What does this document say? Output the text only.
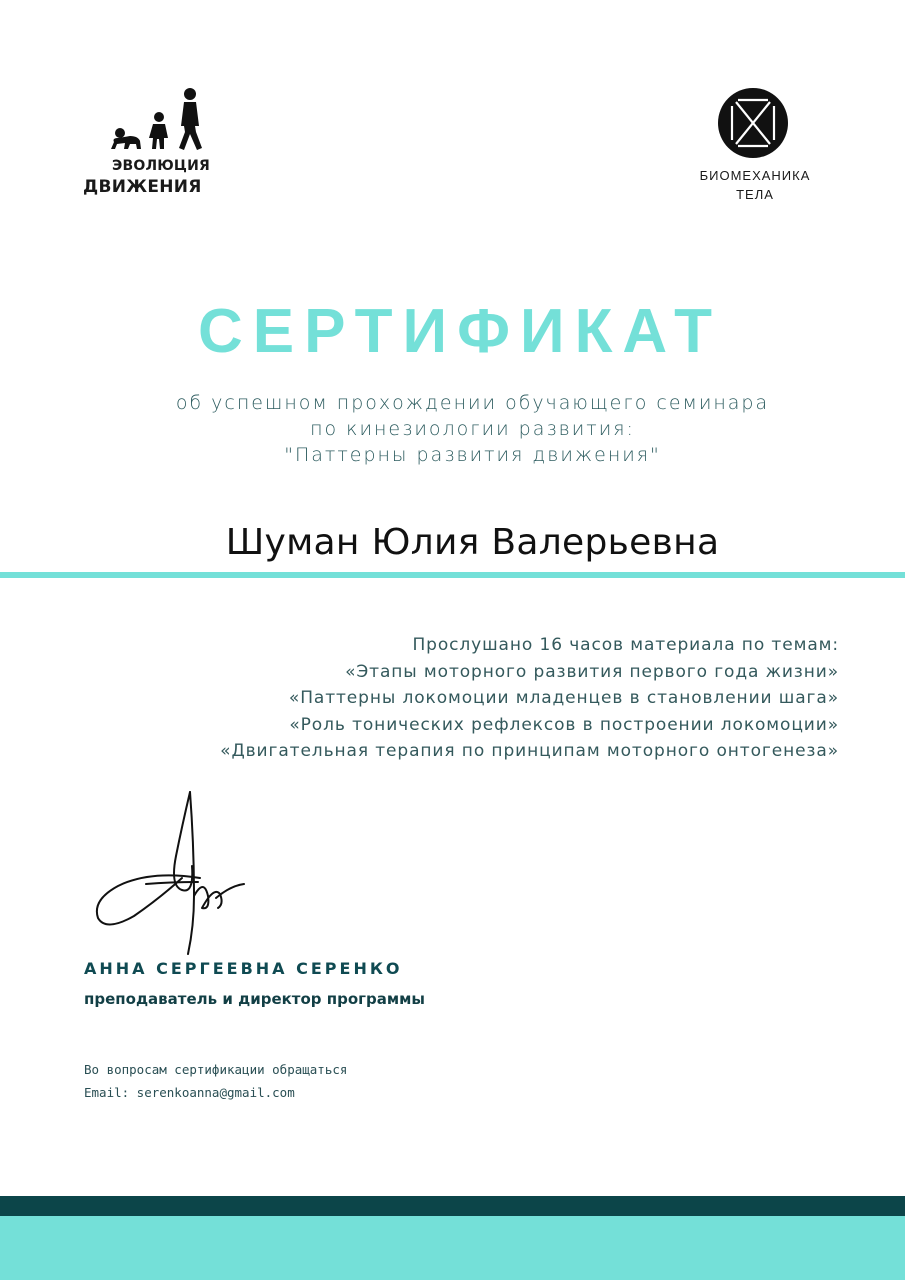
ЭВОЛЮЦИЯ
ДВИЖЕНИЯ
БИОМЕХАНИКА
ТЕЛА
СЕРТИФИКАТ
об успешном прохождении обучающего семинара
по кинезиологии развития:
"Паттерны развития движения"
Шуман Юлия Валерьевна
Прослушано 16 часов материала по темам:
«Этапы моторного развития первого года жизни»
«Паттерны локомоции младенцев в становлении шага»
«Роль тонических рефлексов в построении локомоции»
«Двигательная терапия по принципам моторного онтогенеза»
АННА СЕРГЕЕВНА СЕРЕНКО
преподаватель и директор программы
Во вопросам сертификации обращаться
Email: serenkoanna@gmail.com
